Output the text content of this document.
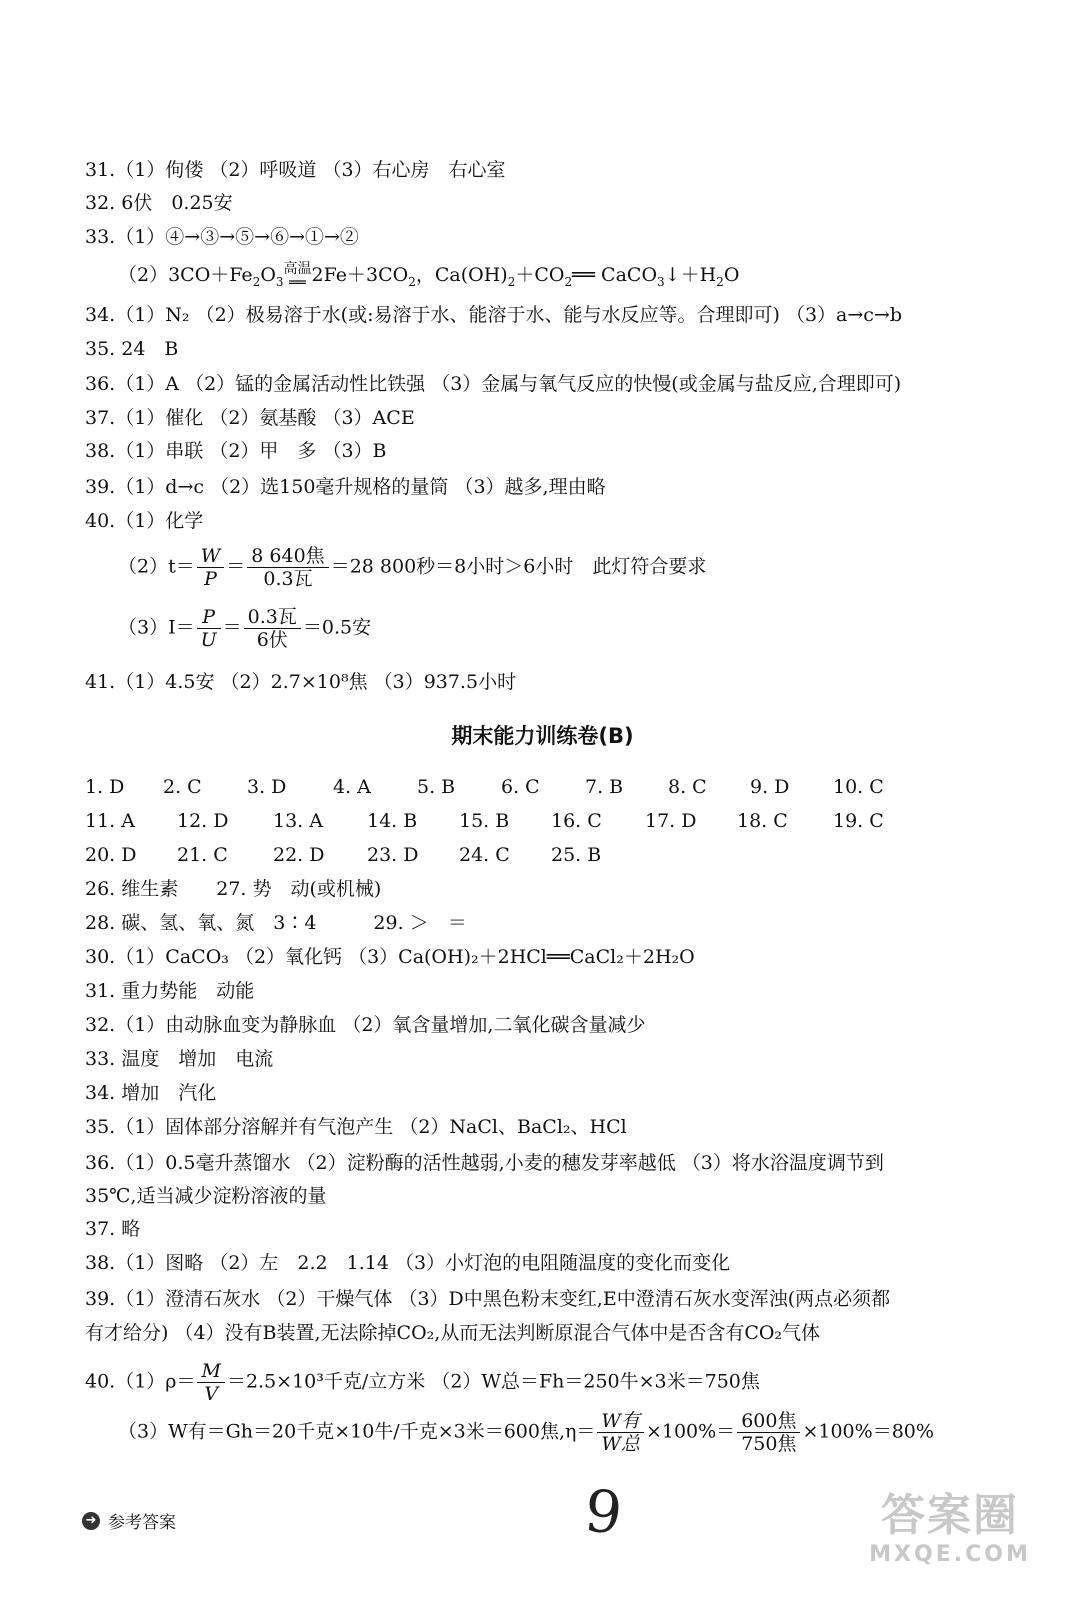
31.（1）佝偻 （2）呼吸道 （3）右心房　右心室
32. 6伏　0.25安
33.（1）④→③→⑤→⑥→①→②
$(2)3CO+Fe_2O_3$
高温
══ $2Fe+3CO_2$，$Ca(OH)_2+CO_2══$ $CaCO_3↓+H_2O$
34.（1）N₂ （2）极易溶于水(或:易溶于水、能溶于水、能与水反应等。合理即可) （3）a→c→b
35. 24　B
36.（1）A （2）锰的金属活动性比铁强 （3）金属与氧气反应的快慢(或金属与盐反应,合理即可)
37.（1）催化 （2）氨基酸 （3）ACE
38.（1）串联 （2）甲　多 （3）B
39.（1）d→c （2）选150毫升规格的量筒 （3）越多,理由略
40.（1）化学
$(2)t= \frac{W}{P} = \frac{\text{8 640焦}}{\text{0.3瓦}} =28$ 800秒＝8小时＞6小时　此灯符合要求
$(3)I= \frac{P}{U} = \frac{\text{0.3瓦}}{\text{6伏}} =0.5$安
41.（1）4.5安 （2）2.7×10⁸焦 （3）937.5小时
期末能力训练卷(B)
1. D 2. C 3. D 4. A 5. B 6. C 7. B 8. C 9. D 10. C
11. A 12. D 13. A 14. B 15. B 16. C 17. D 18. C 19. C
20. D 21. C 22. D 23. D 24. C 25. B
26. 维生素　　27. 势　动(或机械)
28. 碳、氢、氧、氮　3∶4　　　29. ＞　＝
30.（1）CaCO₃ （2）氧化钙 （3）Ca(OH)₂＋2HCl══CaCl₂＋2H₂O
31. 重力势能　动能
32.（1）由动脉血变为静脉血 （2）氧含量增加,二氧化碳含量减少
33. 温度　增加　电流
34. 增加　汽化
35.（1）固体部分溶解并有气泡产生 （2）NaCl、BaCl₂、HCl
36.（1）0.5毫升蒸馏水 （2）淀粉酶的活性越弱,小麦的穗发芽率越低 （3）将水浴温度调节到
35℃,适当减少淀粉溶液的量
37. 略
38.（1）图略 （2）左　2.2　1.14 （3）小灯泡的电阻随温度的变化而变化
39.（1）澄清石灰水 （2）干燥气体 （3）D中黑色粉末变红,E中澄清石灰水变浑浊(两点必须都
有才给分) （4）没有B装置,无法除掉CO₂,从而无法判断原混合气体中是否含有CO₂气体
$40.(1)\rho= \frac{M}{V} =2.5\times 10^3$千克/立方米 （2）W总＝Fh＝250牛×3米＝750焦
（3）W有＝Gh＝20千克×10牛/千克×3米＝600焦$,\eta= \frac{\text{W有}}{\text{W总}} \times 100\%= \frac{\text{600焦}}{\text{750焦}} \times 100\%=80\%$
➜ 参考答案	9	答案圈
MXQE.COM
